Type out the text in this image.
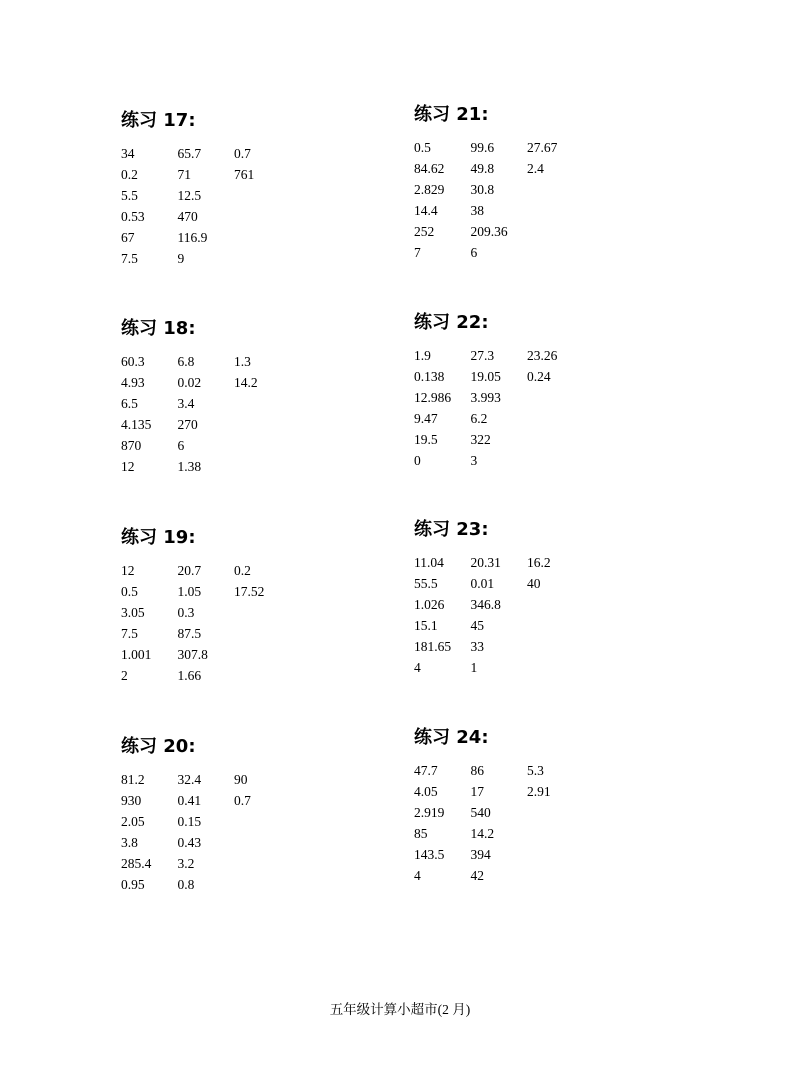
练习 17:
34	65.7	0.7
0.2	71	761
5.5	12.5
0.53	470
67	116.9
7.5	9
练习 18:
60.3	6.8	1.3
4.93	0.02	14.2
6.5	3.4
4.135	270
870	6
12	1.38
练习 19:
12	20.7	0.2
0.5	1.05	17.52
3.05	0.3
7.5	87.5
1.001	307.8
2	1.66
练习 20:
81.2	32.4	90
930	0.41	0.7
2.05	0.15
3.8	0.43
285.4	3.2
0.95	0.8
练习 21:
0.5	99.6	27.67
84.62	49.8	2.4
2.829	30.8
14.4	38
252	209.36
7	6
练习 22:
1.9	27.3	23.26
0.138	19.05	0.24
12.986	3.993
9.47	6.2
19.5	322
0	3
练习 23:
11.04	20.31	16.2
55.5	0.01	40
1.026	346.8
15.1	45
181.65	33
4	1
练习 24:
47.7	86	5.3
4.05	17	2.91
2.919	540
85	14.2
143.5	394
4	42
五年级计算小超市(2 月)
